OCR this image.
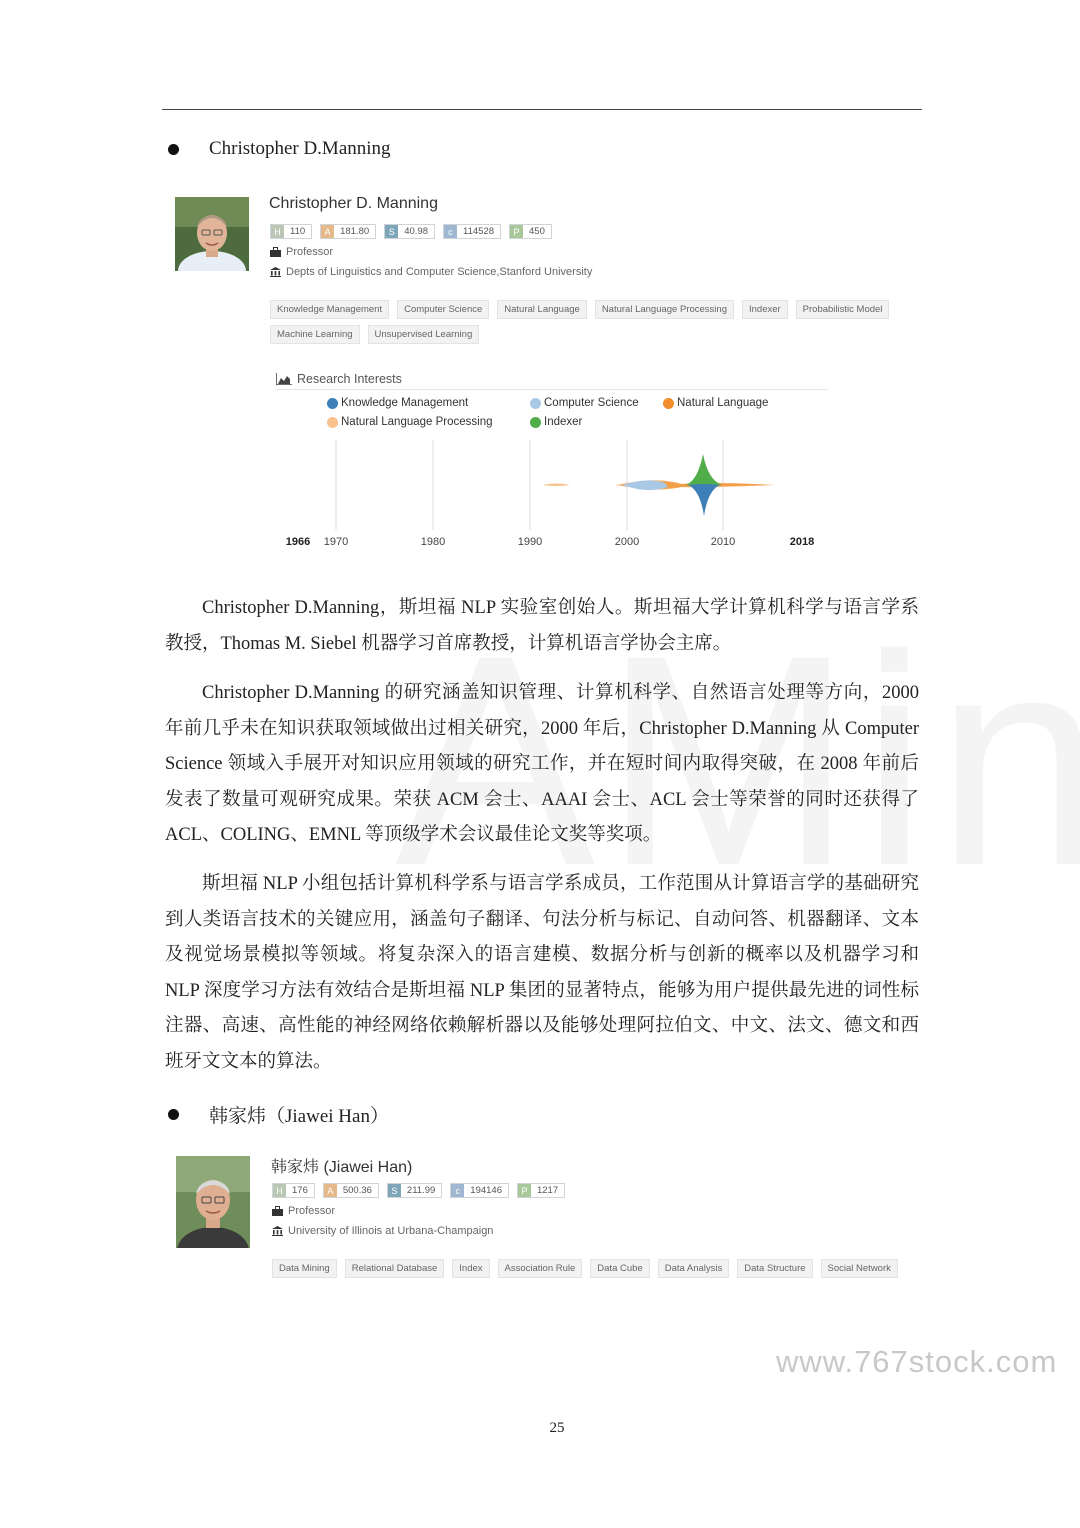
Christopher D.Manning
Christopher D. Manning
H 110	A	181.80	S	40.98	c	114528	P	450
Professor
Depts of Linguistics and Computer Science,Stanford University
Knowledge Management	Computer Science	Natural Language	Natural Language Processing	Indexer	Probabilistic Model
Machine Learning	Unsupervised Learning
Research Interests
Knowledge Management	Computer Science	Natural Language
Natural Language Processing	Indexer
1966 1970	1980	1990	2000	2010	2018

Christopher D.Manning，斯坦福 NLP 实验室创始人。斯坦福大学计算机科学与语言学系教授，Thomas M. Siebel 机器学习首席教授，计算机语言学协会主席。

Christopher D.Manning 的研究涵盖知识管理、计算机科学、自然语言处理等方向，2000 年前几乎未在知识获取领域做出过相关研究，2000 年后，Christopher D.Manning 从 Computer Science 领域入手展开对知识应用领域的研究工作，并在短时间内取得突破，在 2008 年前后发表了数量可观研究成果。荣获 ACM 会士、AAAI 会士、ACL 会士等荣誉的同时还获得了 ACL、COLING、EMNL 等顶级学术会议最佳论文奖等奖项。

斯坦福 NLP 小组包括计算机科学系与语言学系成员，工作范围从计算语言学的基础研究到人类语言技术的关键应用，涵盖句子翻译、句法分析与标记、自动问答、机器翻译、文本及视觉场景模拟等领域。将复杂深入的语言建模、数据分析与创新的概率以及机器学习和 NLP 深度学习方法有效结合是斯坦福 NLP 集团的显著特点，能够为用户提供最先进的词性标注器、高速、高性能的神经网络依赖解析器以及能够处理阿拉伯文、中文、法文、德文和西班牙文文本的算法。

韩家炜（Jiawei Han）
韩家炜 (Jiawei Han)
H 176	A	500.36	S	211.99	c	194146	P	1217
Professor
University of Illinois at Urbana-Champaign
Data Mining	Relational Database	Index	Association Rule	Data Cube	Data Analysis	Data Structure	Social Network
www.767stock.com
25
